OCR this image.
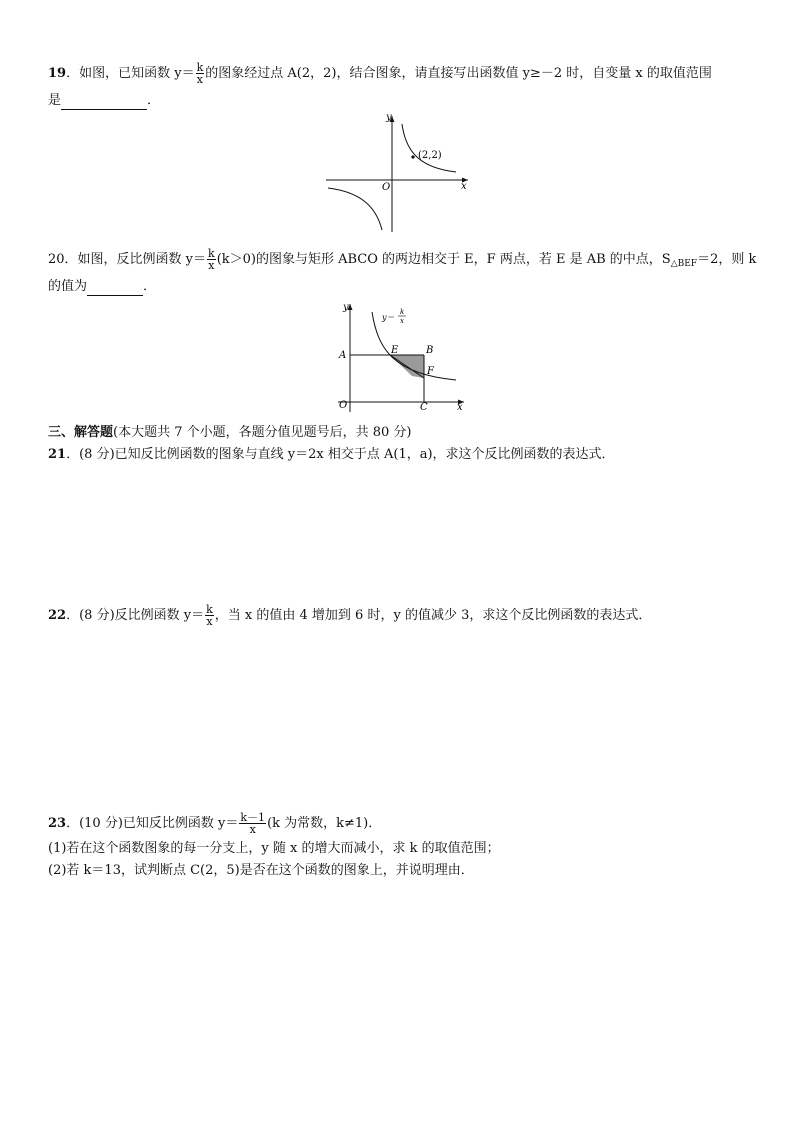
19．如图，已知函数 $y= \frac{k}{x}$ 的图象经过点 A(2，2)，结合图象，请直接写出函数值 y≥－2 时，自变量 x 的取值范围
是	．
y
x
O
(2,2)
20．如图，反比例函数 $y= \frac{k}{x} (k>0)$的图象与矩形 ABCO 的两边相交于 E，F 两点，若 E 是 AB 的中点，$S_{\triangle BEF}=2$，则 k
的值为	．
y
x
O
A	E	B
F
C
y＝
k
x
三、解答题(本大题共 7 个小题，各题分值见题号后，共 80 分)
21．(8 分)已知反比例函数的图象与直线 y＝2x 相交于点 A(1，a)，求这个反比例函数的表达式．
22．(8 分)反比例函数 $y= \frac{k}{x}$ ，当 x 的值由 4 增加到 6 时，y 的值减少 3，求这个反比例函数的表达式．
23．(10 分)已知反比例函数 $y= \frac{k-1}{x} (k$ 为常数，k≠1)．
(1)若在这个函数图象的每一分支上，y 随 x 的增大而减小，求 k 的取值范围；
(2)若 k＝13，试判断点 C(2，5)是否在这个函数的图象上，并说明理由．
